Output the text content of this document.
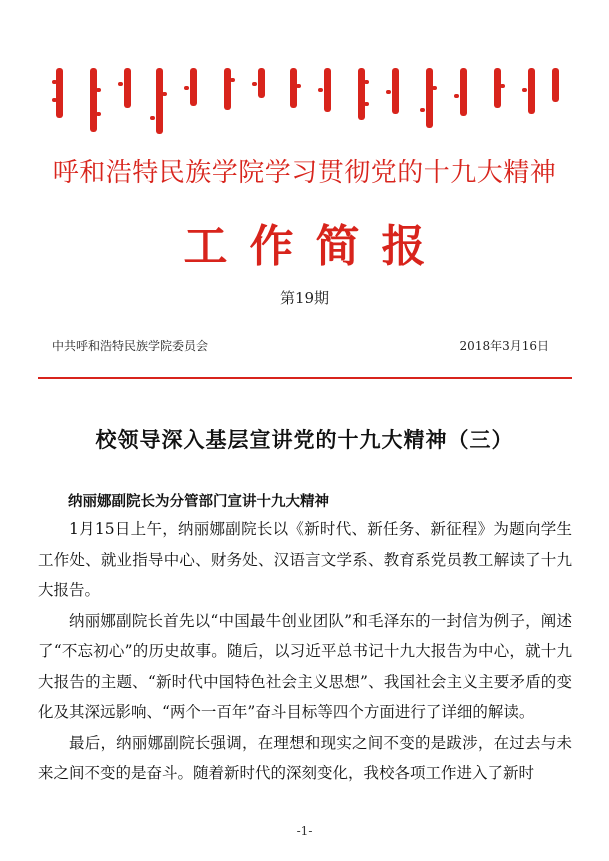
呼和浩特民族学院学习贯彻党的十九大精神
工作简报
第19期
中共呼和浩特民族学院委员会	2018年3月16日
校领导深入基层宣讲党的十九大精神（三）
纳丽娜副院长为分管部门宣讲十九大精神

1月15日上午，纳丽娜副院长以《新时代、新任务、新征程》为题向学生工作处、就业指导中心、财务处、汉语言文学系、教育系党员教工解读了十九大报告。

纳丽娜副院长首先以“中国最牛创业团队”和毛泽东的一封信为例子，阐述了“不忘初心”的历史故事。随后，以习近平总书记十九大报告为中心，就十九大报告的主题、“新时代中国特色社会主义思想”、我国社会主义主要矛盾的变化及其深远影响、“两个一百年”奋斗目标等四个方面进行了详细的解读。

最后，纳丽娜副院长强调，在理想和现实之间不变的是跋涉，在过去与未来之间不变的是奋斗。随着新时代的深刻变化，我校各项工作进入了新时

-1-
